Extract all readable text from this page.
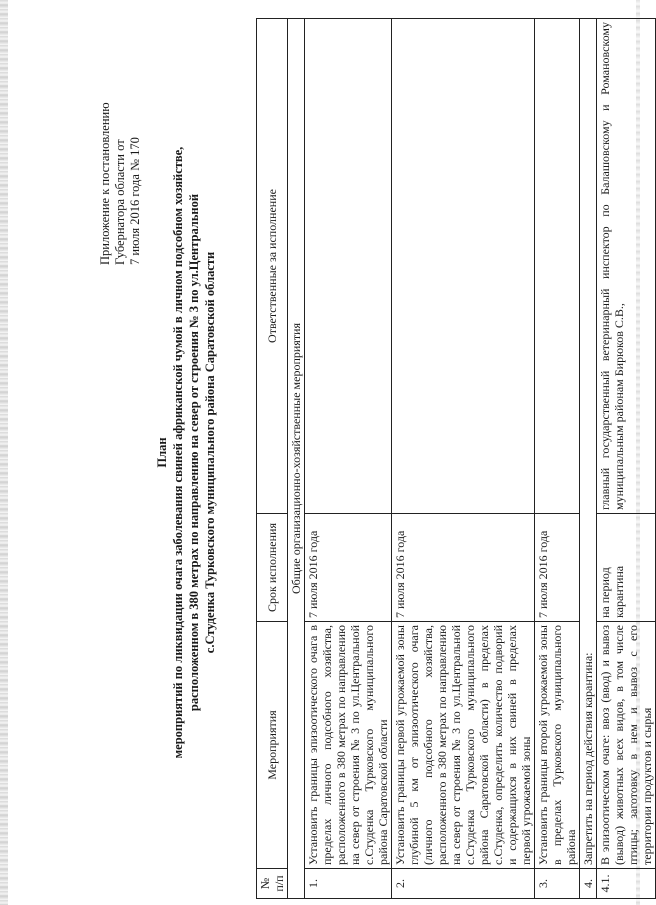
Приложение к постановлению Губернатора области от 7 июля 2016 года № 170
План мероприятий по ликвидации очага заболевания свиней африканской чумой в личном подсобном хозяйстве, расположенном в 380 метрах по направлению на север от строения № 3 по ул.Центральной с.Студенка Турковского муниципального района Саратовской области
№ п/п	Мероприятия	Срок исполнения	Ответственные за исполнение
Общие организационно-хозяйственные мероприятия			
1.	Установить границы эпизоотического очага в пределах личного подсобного хозяйства, расположенного в 380 метрах по направлению на север от строения № 3 по ул.Центральной с.Студенка Турковского муниципального района Саратовской области	7 июля 2016 года	
2.	Установить границы первой угрожаемой зоны глубиной 5 км от эпизоотического очага (личного подсобного хозяйства, расположенного в 380 метрах по направлению на север от строения № 3 по ул.Центральной с.Студенка Турковского муниципального района Саратовской области) в пределах с.Студенка, определить количество подворий и содержащихся в них свиней в пределах первой угрожаемой зоны	7 июля 2016 года	
3.	Установить границы второй угрожаемой зоны в пределах Турковского муниципального района	7 июля 2016 года	
4.	Запретить на период действия карантина:		
4.1.	В эпизоотическом очаге: ввоз (ввод) и вывоз (вывод) животных всех видов, в том числе птицы; заготовку в нем и вывоз с его территории продуктов и сырья	на период карантина	главный государственный ветеринарный инспектор по Балашовскому и Романовскому муниципальным районам Бирюков С.В.,
